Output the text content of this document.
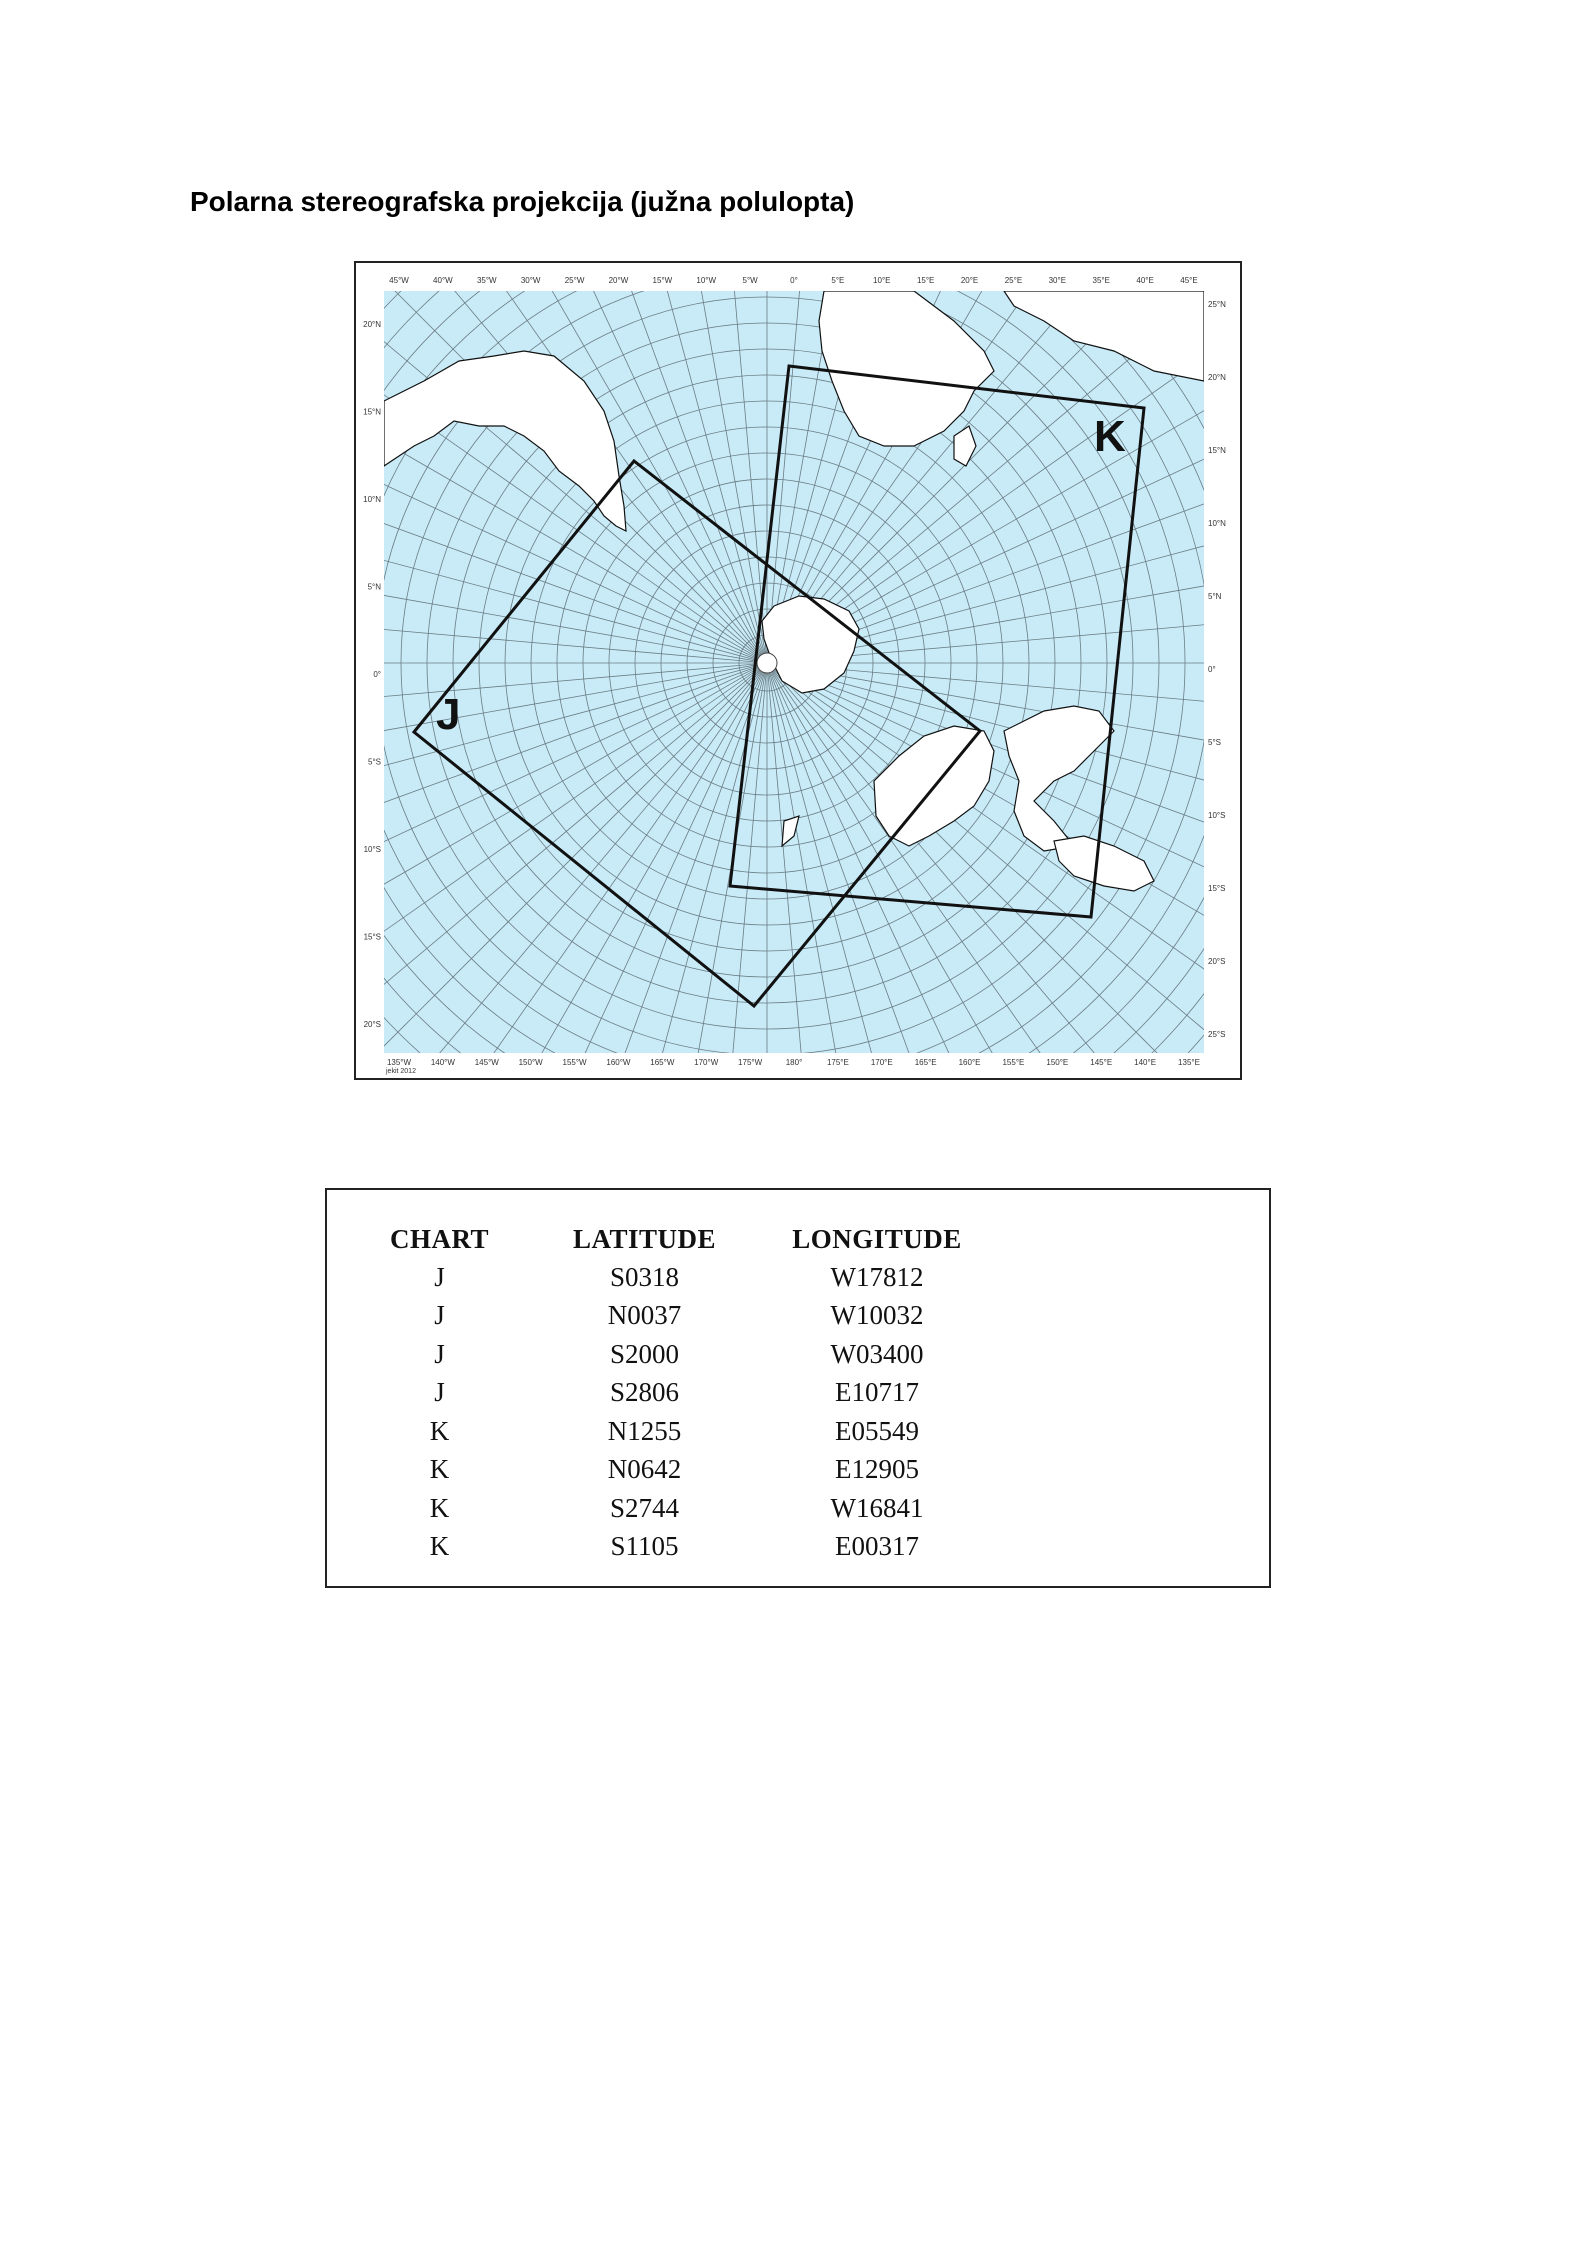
Polarna stereografska projekcija (južna polulopta)
J
K
45°W	40°W	35°W	30°W	25°W	20°W	15°W	10°W	5°W	0°	5°E	10°E	15°E	20°E	25°E	30°E	35°E	40°E	45°E
135°W 140°W 145°W 150°W 155°W 160°W 165°W 170°W 175°W	180°	175°E	170°E	165°E	160°E	155°E	150°E	145°E	140°E	135°E
20°N
15°N
10°N
5°N
0°
5°S
10°S
15°S
20°S
25°N
20°N
15°N
10°N
5°N
0°
5°S
10°S
15°S
20°S
25°S
jekit 2012
CHART	LATITUDE	LONGITUDE
J	S0318	W17812
J	N0037	W10032
J	S2000	W03400
J	S2806	E10717
K	N1255	E05549
K	N0642	E12905
K	S2744	W16841
K	S1105	E00317
